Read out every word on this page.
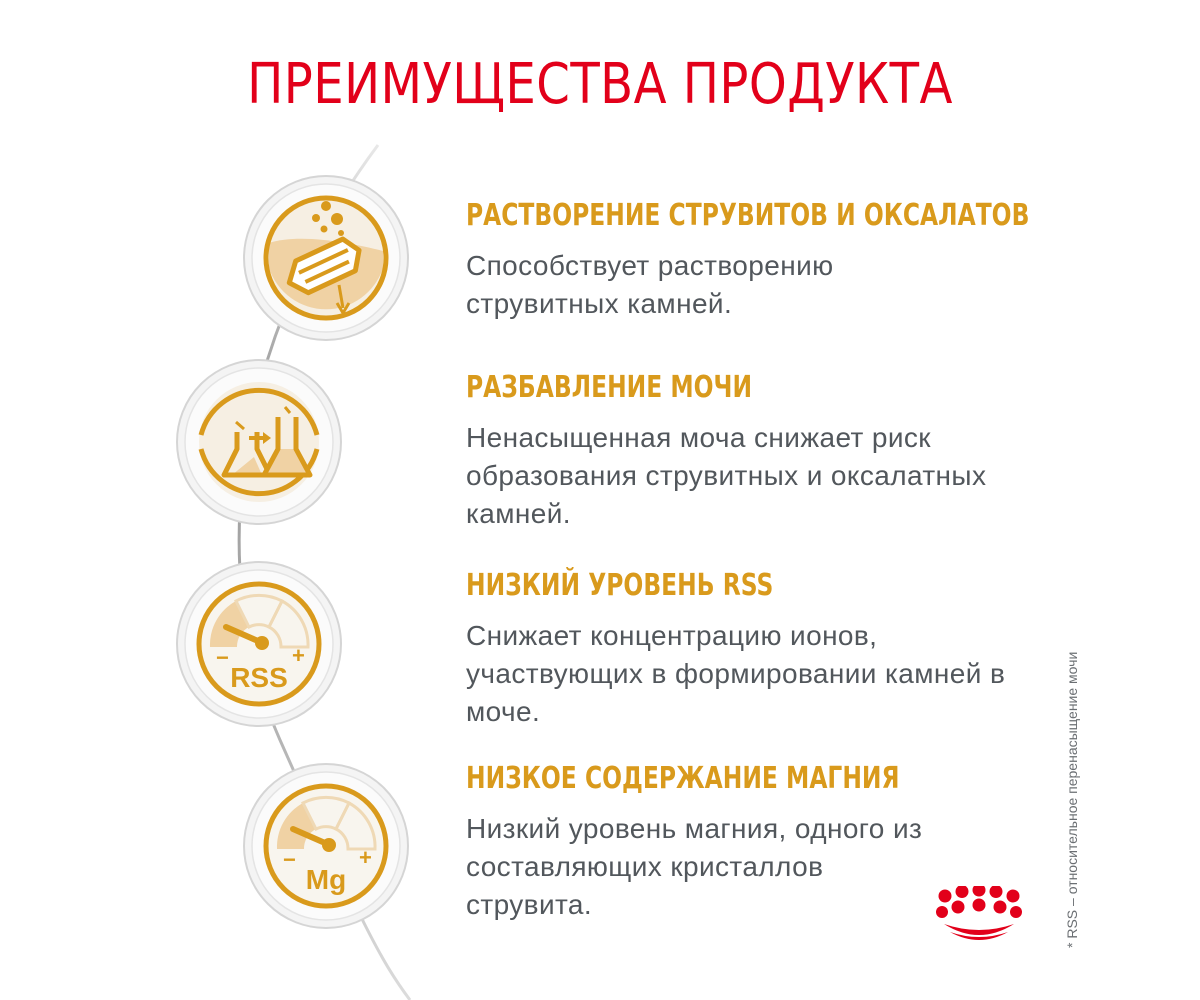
ПРЕИМУЩЕСТВА ПРОДУКТА
−	+
RSS
−	+
Mg

РАСТВОРЕНИЕ СТРУВИТОВ И ОКСАЛАТОВ

Способствует растворению струвитных камней.

РАЗБАВЛЕНИЕ МОЧИ

Ненасыщенная моча снижает риск образования струвитных и оксалатных камней.

НИЗКИЙ УРОВЕНЬ RSS

Снижает концентрацию ионов, участвующих в формировании камней в моче.

НИЗКОЕ СОДЕРЖАНИЕ МАГНИЯ

Низкий уровень магния, одного из составляющих кристаллов струвита.	* RSS – относительное перенасыщение мочи
